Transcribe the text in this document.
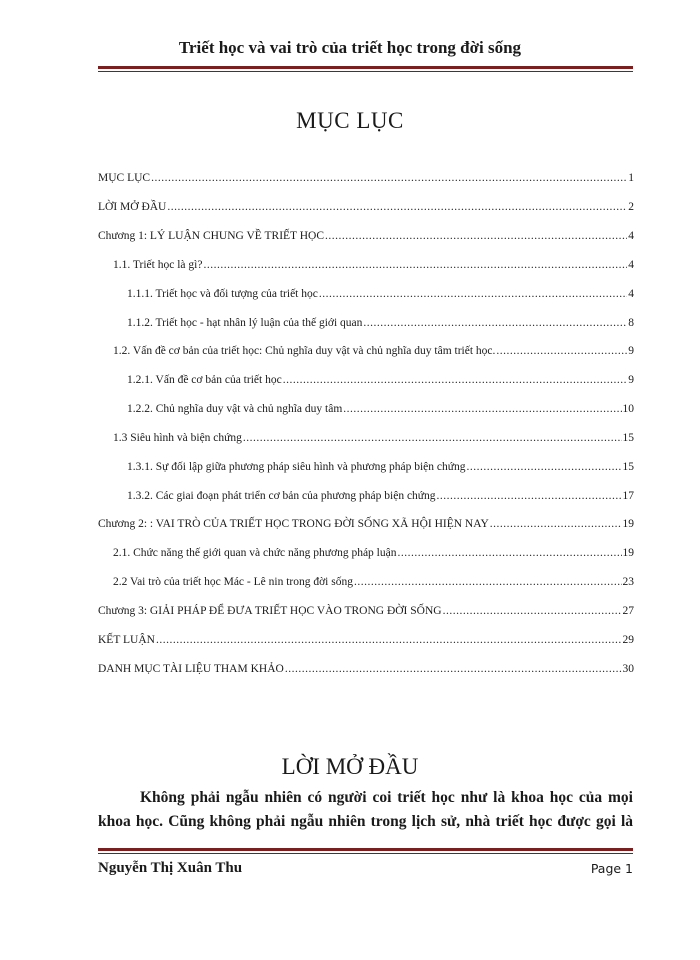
Triết học và vai trò của triết học trong đời sống
MỤC LỤC
MỤC LỤC .....	1
LỜI MỞ ĐẦU .....	2
Chương 1: LÝ LUẬN CHUNG VỀ TRIẾT HỌC .....	4
1.1. Triết học là gì? .....	4
1.1.1. Triết học và đối tượng của triết học .....	4
1.1.2. Triết học - hạt nhân lý luận của thế giới quan .....	8
1.2. Vấn đề cơ bản của triết học: Chủ nghĩa duy vật và chủ nghĩa duy tâm triết học. .....	9
1.2.1. Vấn đề cơ bản của triết học .....	9
1.2.2. Chủ nghĩa duy vật và chủ nghĩa duy tâm .....	10
1.3 Siêu hình và biện chứng .....	15
1.3.1. Sự đối lập giữa phương pháp siêu hình và phương pháp biện chứng .....	15
1.3.2. Các giai đoạn phát triển cơ bản của phương pháp biện chứng .....	17
Chương 2: : VAI TRÒ CỦA TRIẾT HỌC TRONG ĐỜI SỐNG XÃ HỘI HIỆN NAY .....	19
2.1. Chức năng thế giới quan và chức năng phương pháp luận .....	19
2.2 Vai trò của triết học Mác - Lê nin trong đời sống .....	23
Chương 3: GIẢI PHÁP ĐỂ ĐƯA TRIẾT HỌC VÀO TRONG ĐỜI SỐNG .....	27
KẾT LUẬN .....	29
DANH MỤC TÀI LIỆU THAM KHẢO .....	30
LỜI MỞ ĐẦU
Không phải ngẫu nhiên có người coi triết học như là khoa học của mọi
khoa học. Cũng không phải ngẫu nhiên trong lịch sử, nhà triết học được gọi là
Nguyễn Thị Xuân Thu	Page 1
